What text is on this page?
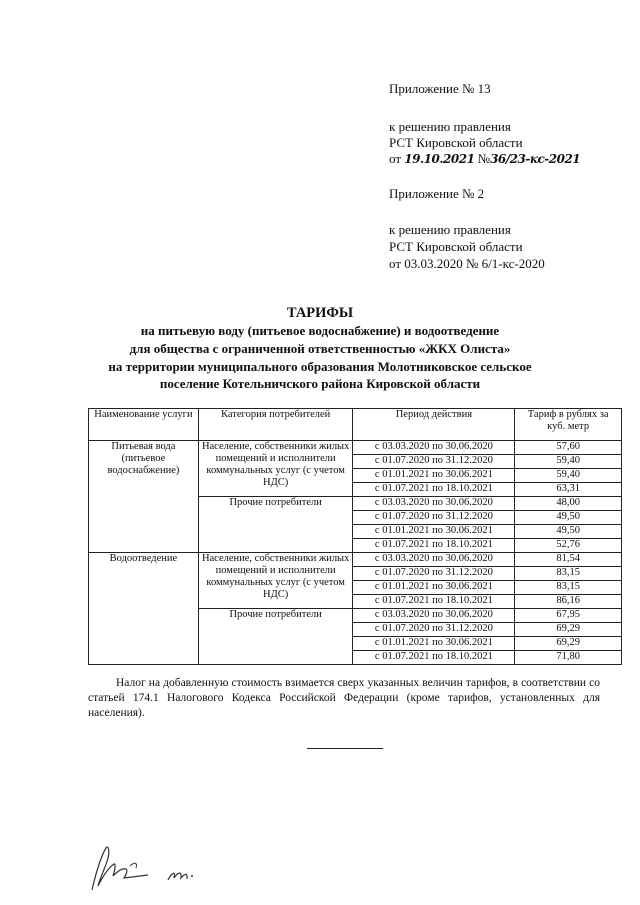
Приложение № 13
к решению правления
РСТ Кировской области
от 19.10.2021 №36/23-кс-2021
Приложение № 2
к решению правления
РСТ Кировской области
от 03.03.2020 № 6/1-кс-2020
ТАРИФЫ
на питьевую воду (питьевое водоснабжение) и водоотведение
для общества с ограниченной ответственностью «ЖКХ Олиста»
на территории муниципального образования Молотниковское сельское
поселение Котельничского района Кировской области
Наименование услуги	Категория потребителей	Период действия	Тариф в рублях за куб. метр
Питьевая вода (питьевое водоснабжение)	Население, собственники жилых помещений и исполнители коммунальных услуг (с учетом НДС)	с 03.03.2020 по 30.06.2020	57,60
		с 01.07.2020 по 31.12.2020	59,40
		с 01.01.2021 по 30.06.2021	59,40
		с 01.07.2021 по 18.10.2021	63,31
	Прочие потребители	с 03.03.2020 по 30.06.2020	48,00
		с 01.07.2020 по 31.12.2020	49,50
		с 01.01.2021 по 30.06.2021	49,50
		с 01.07.2021 по 18.10.2021	52,76
Водоотведение	Население, собственники жилых помещений и исполнители коммунальных услуг (с учетом НДС)	с 03.03.2020 по 30.06.2020	81,54
		с 01.07.2020 по 31.12.2020	83,15
		с 01.01.2021 по 30.06.2021	83,15
		с 01.07.2021 по 18.10.2021	86,16
	Прочие потребители	с 03.03.2020 по 30.06.2020	67,95
		с 01.07.2020 по 31.12.2020	69,29
		с 01.01.2021 по 30.06.2021	69,29
		с 01.07.2021 по 18.10.2021	71,80
Налог на добавленную стоимость взимается сверх указанных величин тарифов, в соответствии со статьей 174.1 Налогового Кодекса Российской Федерации (кроме тарифов, установленных для населения).
